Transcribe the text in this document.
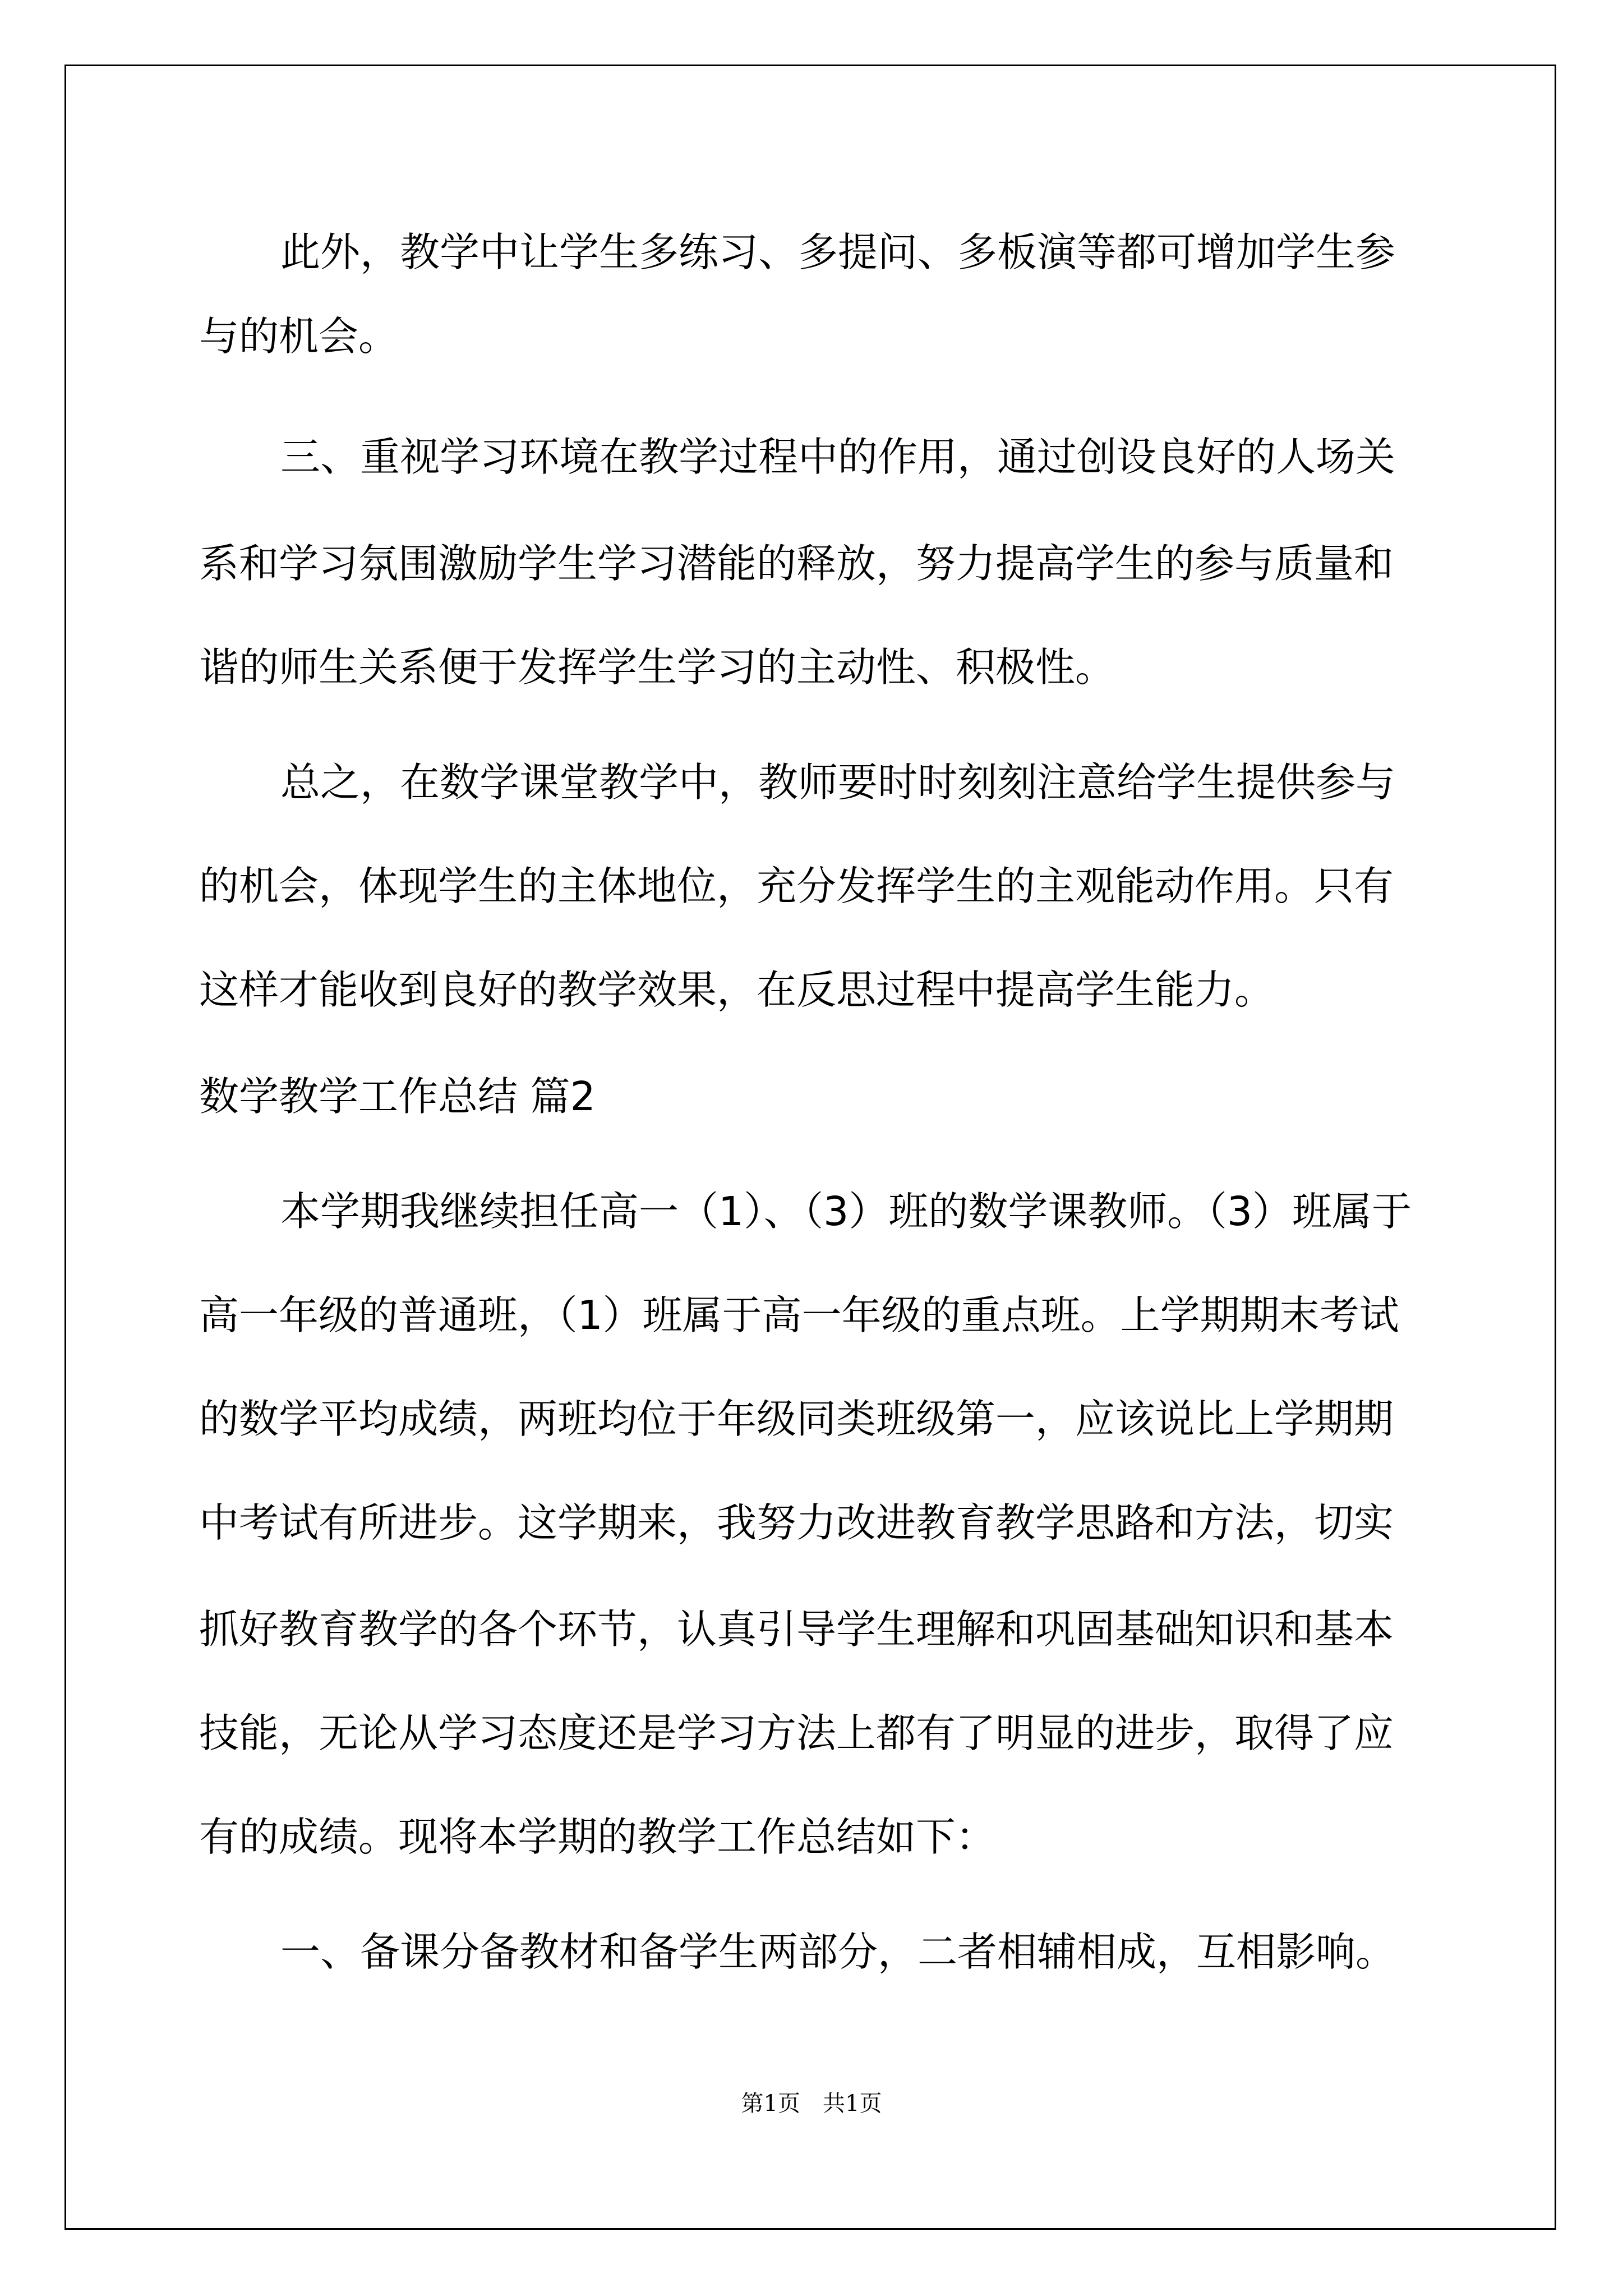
此外，教学中让学生多练习、多提问、多板演等都可增加学生参
与的机会。
三、重视学习环境在教学过程中的作用，通过创设良好的人场关
系和学习氛围激励学生学习潜能的释放，努力提高学生的参与质量和
谐的师生关系便于发挥学生学习的主动性、积极性。
总之，在数学课堂教学中，教师要时时刻刻注意给学生提供参与
的机会，体现学生的主体地位，充分发挥学生的主观能动作用。只有
这样才能收到良好的教学效果，在反思过程中提高学生能力。
数学教学工作总结 篇2
本学期我继续担任高一（1）、（3）班的数学课教师。（3）班属于
高一年级的普通班，（1）班属于高一年级的重点班。上学期期末考试
的数学平均成绩，两班均位于年级同类班级第一，应该说比上学期期
中考试有所进步。这学期来，我努力改进教育教学思路和方法，切实
抓好教育教学的各个环节，认真引导学生理解和巩固基础知识和基本
技能，无论从学习态度还是学习方法上都有了明显的进步，取得了应
有的成绩。现将本学期的教学工作总结如下：
一、备课分备教材和备学生两部分，二者相辅相成，互相影响。
第1页　共1页
